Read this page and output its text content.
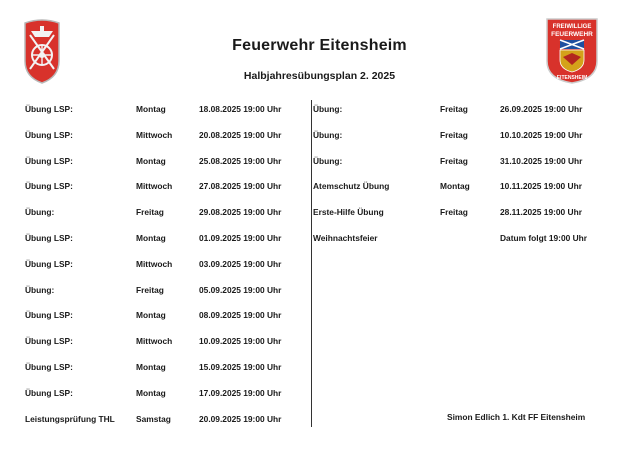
FREIWILLIGE
FEUERWEHR
EITENSHEIM
Feuerwehr Eitensheim
Halbjahresübungsplan 2. 2025
Übung LSP:	Montag	18.08.2025 19:00 Uhr
Übung LSP:	Mittwoch	20.08.2025 19:00 Uhr
Übung LSP:	Montag	25.08.2025 19:00 Uhr
Übung LSP:	Mittwoch	27.08.2025 19:00 Uhr
Übung:	Freitag	29.08.2025 19:00 Uhr
Übung LSP:	Montag	01.09.2025 19:00 Uhr
Übung LSP:	Mittwoch	03.09.2025 19:00 Uhr
Übung:	Freitag	05.09.2025 19:00 Uhr
Übung LSP:	Montag	08.09.2025 19:00 Uhr
Übung LSP:	Mittwoch	10.09.2025 19:00 Uhr
Übung LSP:	Montag	15.09.2025 19:00 Uhr
Übung LSP:	Montag	17.09.2025 19:00 Uhr
Leistungsprüfung THL	Samstag	20.09.2025 19:00 Uhr
Übung:	Freitag	26.09.2025 19:00 Uhr
Übung:	Freitag	10.10.2025 19:00 Uhr
Übung:	Freitag	31.10.2025 19:00 Uhr
Atemschutz Übung	Montag	10.11.2025 19:00 Uhr
Erste-Hilfe Übung	Freitag	28.11.2025 19:00 Uhr
Weihnachtsfeier	Datum folgt 19:00 Uhr
Simon Edlich 1. Kdt FF Eitensheim
